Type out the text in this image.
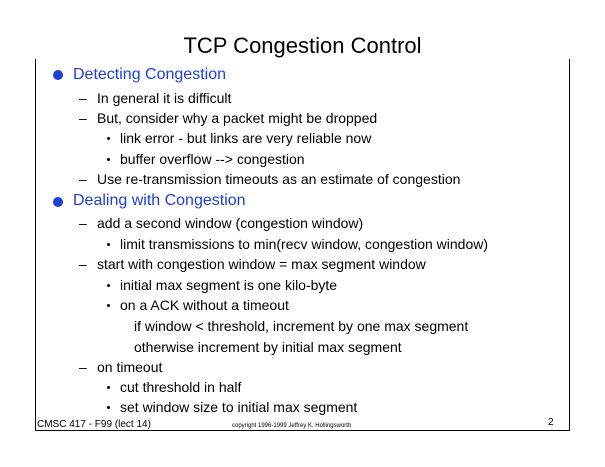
TCP Congestion Control
Detecting Congestion
– In general it is difficult
– But, consider why a packet might be dropped
link error - but links are very reliable now
buffer overflow --> congestion
– Use re-transmission timeouts as an estimate of congestion
Dealing with Congestion
– add a second window (congestion window)
limit transmissions to min(recv window, congestion window)
– start with congestion window = max segment window
initial max segment is one kilo-byte
on a ACK without a timeout
if window < threshold, increment by one max segment
otherwise increment by initial max segment
– on timeout
cut threshold in half
set window size to initial max segment
CMSC 417 - F99 (lect 14)	copyright 1996-1999 Jeffrey K. Hollingsworth	2
